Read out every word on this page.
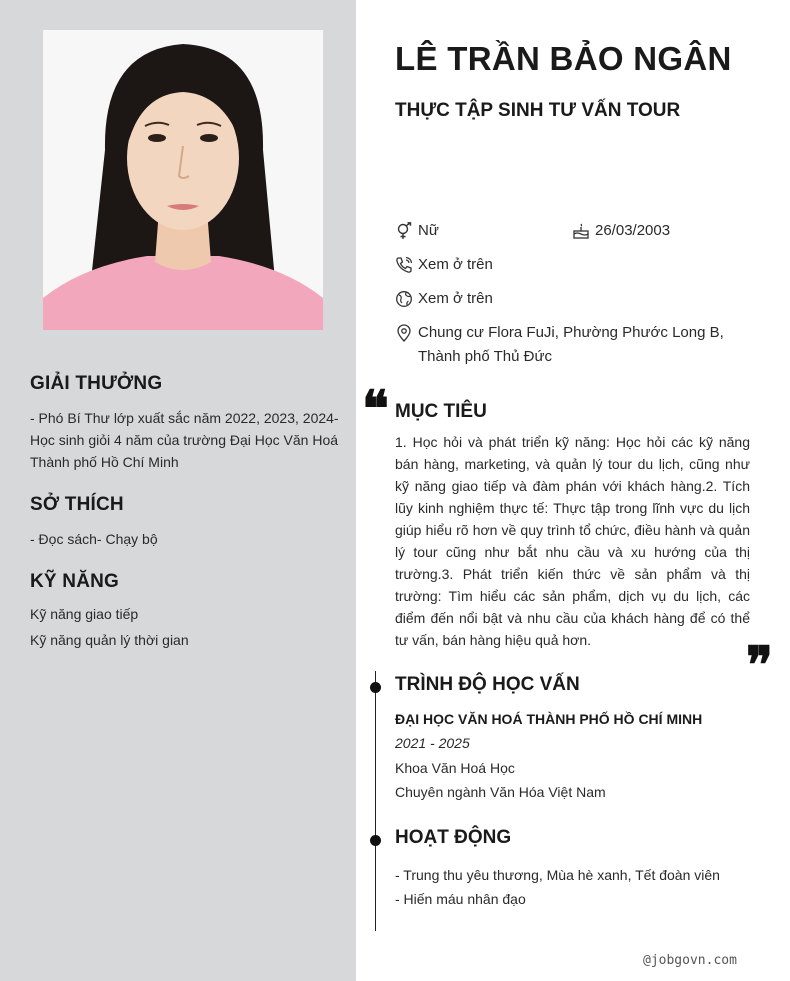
GIẢI THƯỞNG
- Phó Bí Thư lớp xuất sắc năm 2022, 2023, 2024-
Học sinh giỏi 4 năm của trường Đại Học Văn Hoá
Thành phố Hồ Chí Minh
SỞ THÍCH
- Đọc sách- Chạy bộ
KỸ NĂNG
Kỹ năng giao tiếp
Kỹ năng quản lý thời gian
LÊ TRẦN BẢO NGÂN
THỰC TẬP SINH TƯ VẤN TOUR
Nữ	26/03/2003
Xem ở trên
Xem ở trên
Chung cư Flora FuJi, Phường Phước Long B,
Thành phố Thủ Đức
❝ MỤC TIÊU
1. Học hỏi và phát triển kỹ năng: Học hỏi các kỹ năng bán hàng, marketing, và quản lý tour du lịch, cũng như kỹ năng giao tiếp và đàm phán với khách hàng.2. Tích lũy kinh nghiệm thực tế: Thực tập trong lĩnh vực du lịch giúp hiểu rõ hơn về quy trình tổ chức, điều hành và quản lý tour cũng như bắt nhu cầu và xu hướng của thị trường.3. Phát triển kiến thức về sản phẩm và thị trường: Tìm hiểu các sản phẩm, dịch vụ du lịch, các điểm đến nổi bật và nhu cầu của khách hàng để có thể tư vấn, bán hàng hiệu quả hơn.	❞
TRÌNH ĐỘ HỌC VẤN
ĐẠI HỌC VĂN HOÁ THÀNH PHỐ HỒ CHÍ MINH
2021 - 2025
Khoa Văn Hoá Học
Chuyên ngành Văn Hóa Việt Nam
HOẠT ĐỘNG
- Trung thu yêu thương, Mùa hè xanh, Tết đoàn viên
- Hiến máu nhân đạo
@jobgovn.com
